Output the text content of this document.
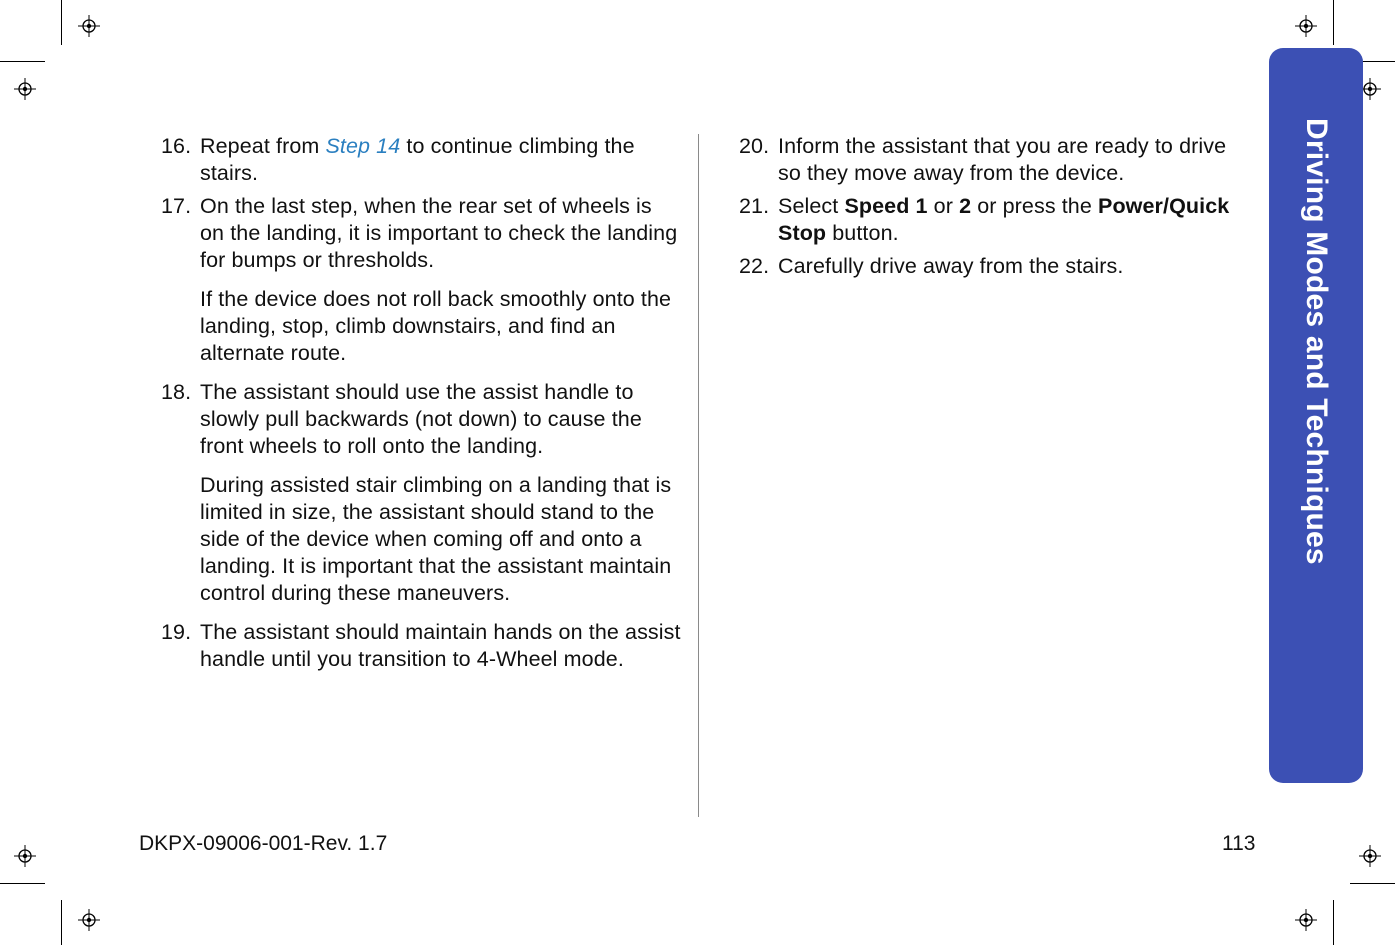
16. Repeat from Step 14 to continue climbing the stairs.
17. On the last step, when the rear set of wheels is on the landing, it is important to check the landing for bumps or thresholds.
If the device does not roll back smoothly onto the landing, stop, climb downstairs, and find an alternate route.
18. The assistant should use the assist handle to slowly pull backwards (not down) to cause the front wheels to roll onto the landing.
During assisted stair climbing on a landing that is limited in size, the assistant should stand to the side of the device when coming off and onto a landing. It is important that the assistant maintain control during these maneuvers.
19. The assistant should maintain hands on the assist handle until you transition to 4-Wheel mode.
20. Inform the assistant that you are ready to drive so they move away from the device.
21. Select Speed 1 or 2 or press the Power/Quick Stop button.
22. Carefully drive away from the stairs.	Driving Modes and Techniques
DKPX-09006-001-Rev. 1.7	113
